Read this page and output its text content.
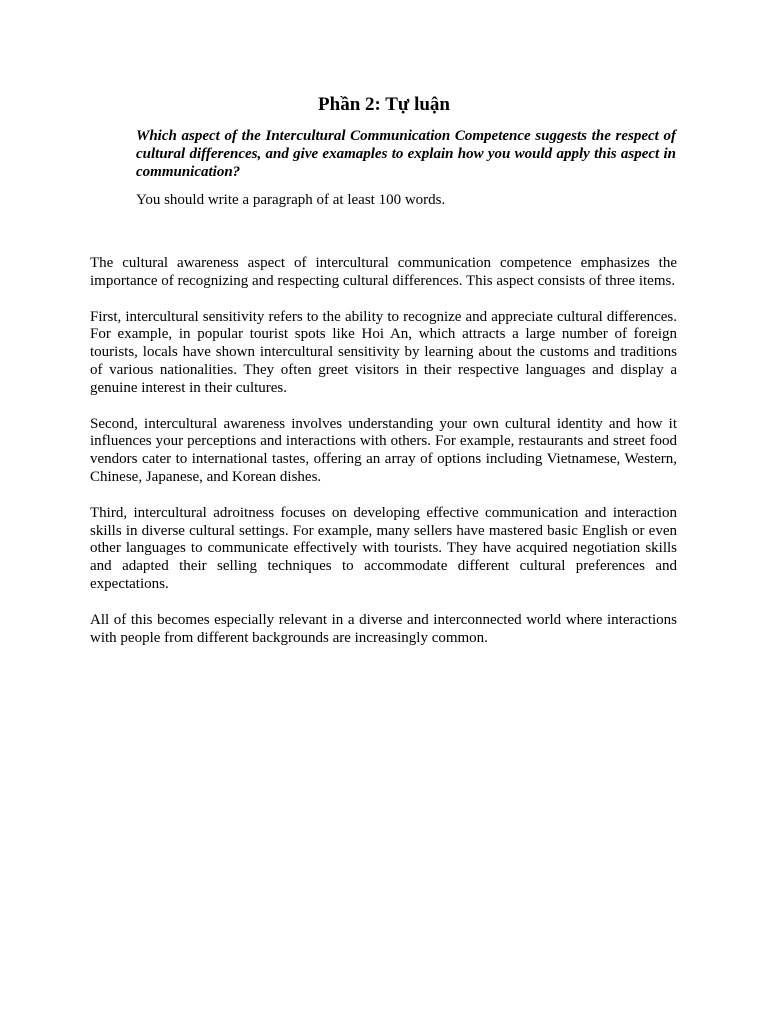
Phần 2: Tự luận

Which aspect of the Intercultural Communication Competence suggests the respect of cultural differences, and give examaples to explain how you would apply this aspect in communication?

You should write a paragraph of at least 100 words.

The cultural awareness aspect of intercultural communication competence emphasizes the importance of recognizing and respecting cultural differences. This aspect consists of three items.

First, intercultural sensitivity refers to the ability to recognize and appreciate cultural differences. For example, in popular tourist spots like Hoi An, which attracts a large number of foreign tourists, locals have shown intercultural sensitivity by learning about the customs and traditions of various nationalities. They often greet visitors in their respective languages and display a genuine interest in their cultures.

Second, intercultural awareness involves understanding your own cultural identity and how it influences your perceptions and interactions with others. For example, restaurants and street food vendors cater to international tastes, offering an array of options including Vietnamese, Western, Chinese, Japanese, and Korean dishes.

Third, intercultural adroitness focuses on developing effective communication and interaction skills in diverse cultural settings. For example, many sellers have mastered basic English or even other languages to communicate effectively with tourists. They have acquired negotiation skills and adapted their selling techniques to accommodate different cultural preferences and expectations.

All of this becomes especially relevant in a diverse and interconnected world where interactions with people from different backgrounds are increasingly common.
